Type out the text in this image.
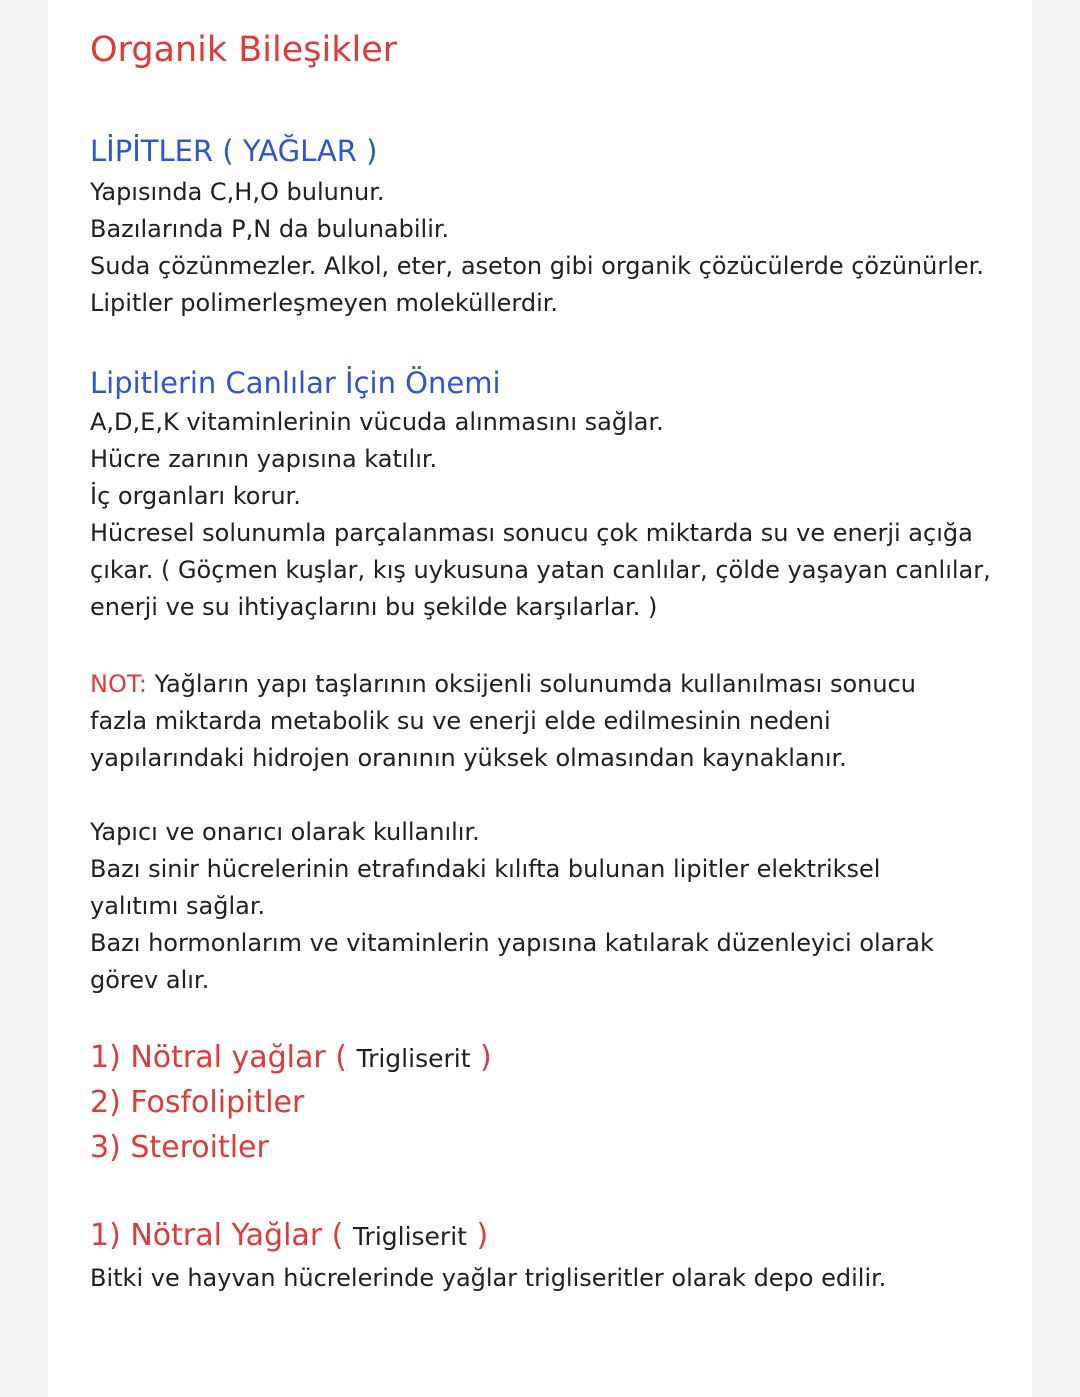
Organik Bileşikler
LİPİTLER ( YAĞLAR )
Yapısında C,H,O bulunur.
Bazılarında P,N da bulunabilir.
Suda çözünmezler. Alkol, eter, aseton gibi organik çözücülerde çözünürler.
Lipitler polimerleşmeyen moleküllerdir.
Lipitlerin Canlılar İçin Önemi
A,D,E,K vitaminlerinin vücuda alınmasını sağlar.
Hücre zarının yapısına katılır.
İç organları korur.
Hücresel solunumla parçalanması sonucu çok miktarda su ve enerji açığa
çıkar. ( Göçmen kuşlar, kış uykusuna yatan canlılar, çölde yaşayan canlılar,
enerji ve su ihtiyaçlarını bu şekilde karşılarlar. )
NOT: Yağların yapı taşlarının oksijenli solunumda kullanılması sonucu
fazla miktarda metabolik su ve enerji elde edilmesinin nedeni
yapılarındaki hidrojen oranının yüksek olmasından kaynaklanır.
Yapıcı ve onarıcı olarak kullanılır.
Bazı sinir hücrelerinin etrafındaki kılıfta bulunan lipitler elektriksel
yalıtımı sağlar.
Bazı hormonlarım ve vitaminlerin yapısına katılarak düzenleyici olarak
görev alır.
1) Nötral yağlar ( Trigliserit )
2) Fosfolipitler
3) Steroitler
1) Nötral Yağlar ( Trigliserit )
Bitki ve hayvan hücrelerinde yağlar trigliseritler olarak depo edilir.
